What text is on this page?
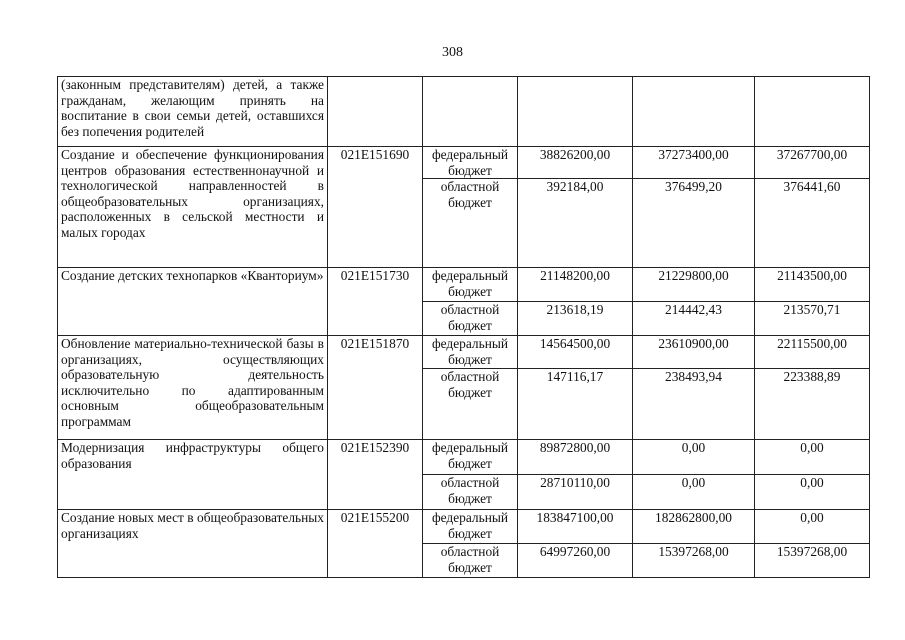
308
(законным представителям) детей, а также гражданам, желающим принять на воспитание в свои семьи детей, оставшихся без попечения родителей					
Создание и обеспечение функционирования центров образования естественнонаучной и технологической направленностей в общеобразовательных организациях, расположенных в сельской местности и малых городах	021E151690	федеральный бюджет	38826200,00	37273400,00	37267700,00
		областной бюджет	392184,00	376499,20	376441,60
Создание детских технопарков «Кванториум»	021E151730	федеральный бюджет	21148200,00	21229800,00	21143500,00
		областной бюджет	213618,19	214442,43	213570,71
Обновление материально-технической базы в организациях, осуществляющих образовательную деятельность исключительно по адаптированным основным общеобразовательным программам	021E151870	федеральный бюджет	14564500,00	23610900,00	22115500,00
		областной бюджет	147116,17	238493,94	223388,89
Модернизация инфраструктуры общего образования	021E152390	федеральный бюджет	89872800,00	0,00	0,00
		областной бюджет	28710110,00	0,00	0,00
Создание новых мест в общеобразовательных организациях	021E155200	федеральный бюджет	183847100,00	182862800,00	0,00
		областной бюджет	64997260,00	15397268,00	15397268,00
